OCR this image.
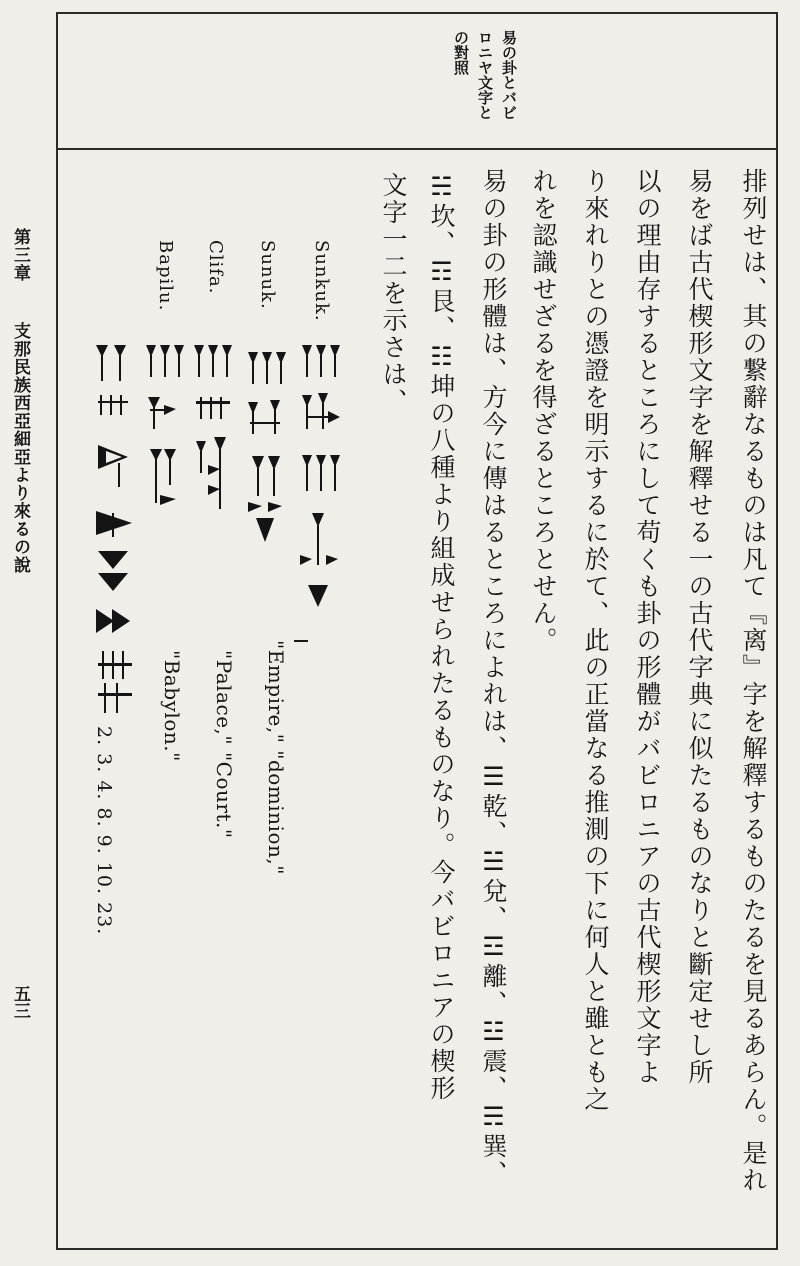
易の卦とバビ
ロニヤ文字と
の對照
排列せは、其の繋辭なるものは凡て『离』字を解釋するものたるを見るあらん。是れ
易をば古代楔形文字を解釋せる一の古代字典に似たるものなりと斷定せし所
以の理由存するところにして苟くも卦の形體がバビロニアの古代楔形文字よ
り來れりとの憑證を明示するに於て、此の正當なる推測の下に何人と雖とも之
れを認識せざるを得ざるところとせん。
易の卦の形體は、方今に傳はるところによれは、☰乾、☱兌、☲離、☳震、☴巽、
☵坎、☶艮、☷坤の八種より組成せられたるものなり。今バビロニアの楔形
文字一二を示さは、
第三章支那民族西亞細亞より來るの說
五三
Sunkuk.
Sunuk.
Clifa.
Bapilu.
"Empire," "dominion,"
"Palace," "Court."
"Babylon."
2. 3. 4. 8. 9. 10. 23.
